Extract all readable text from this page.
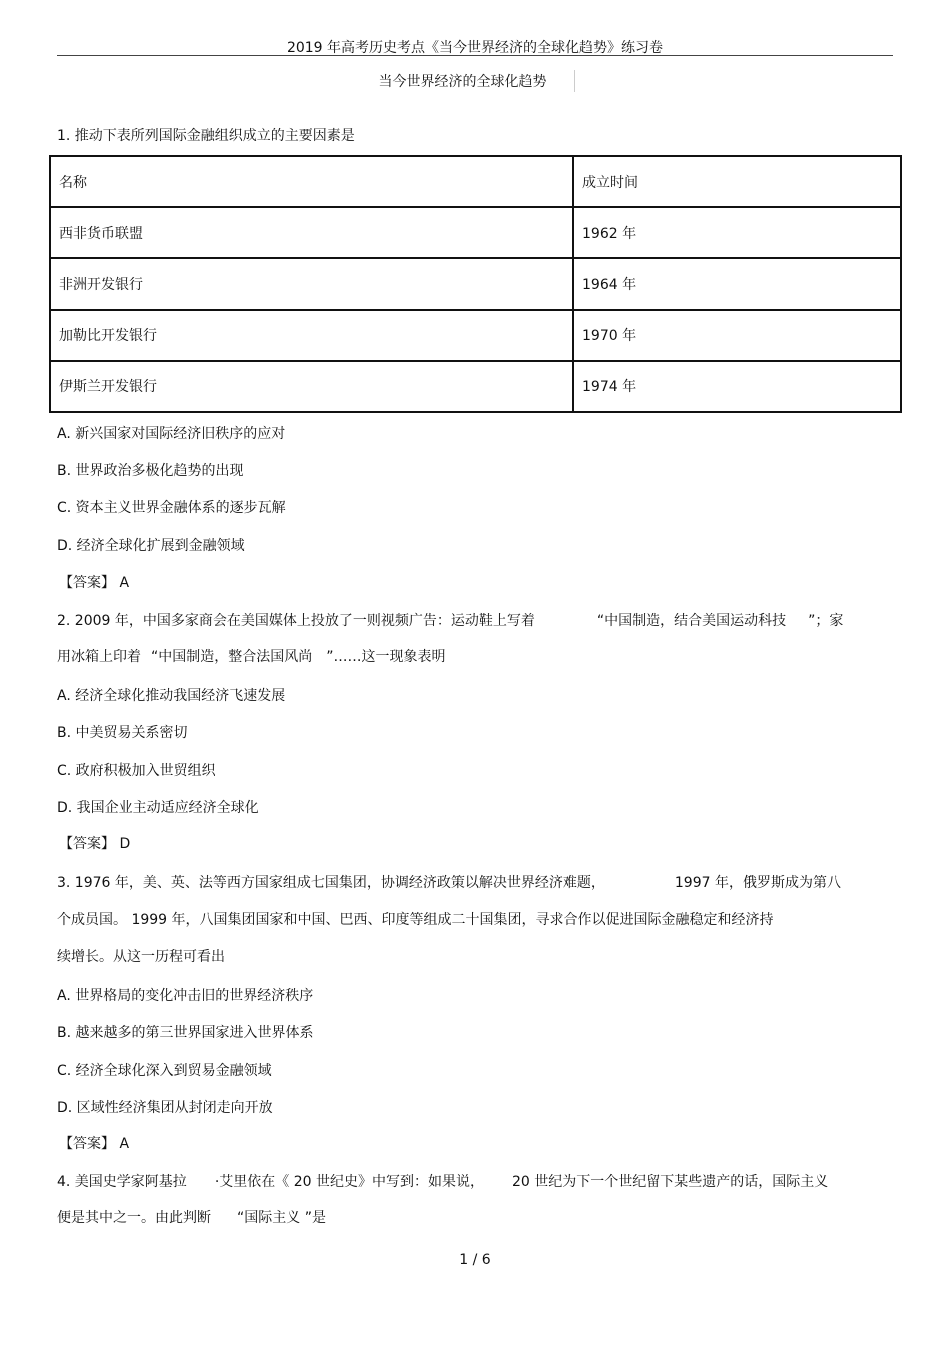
2019 年高考历史考点《当今世界经济的全球化趋势》练习卷
当今世界经济的全球化趋势
1. 推动下表所列国际金融组织成立的主要因素是
名称	成立时间
西非货币联盟	1962 年
非洲开发银行	1964 年
加勒比开发银行	1970 年
伊斯兰开发银行	1974 年
A. 新兴国家对国际经济旧秩序的应对
B. 世界政治多极化趋势的出现
C. 资本主义世界金融体系的逐步瓦解
D. 经济全球化扩展到金融领域
【答案】 A
2. 2009 年，中国多家商会在美国媒体上投放了一则视频广告：运动鞋上写着	“中国制造，结合美国运动科技 ”；家
用冰箱上印着 “中国制造，整合法国风尚 ”……这一现象表明
A. 经济全球化推动我国经济飞速发展
B. 中美贸易关系密切
C. 政府积极加入世贸组织
D. 我国企业主动适应经济全球化
【答案】 D
3. 1976 年，美、英、法等西方国家组成七国集团，协调经济政策以解决世界经济难题，	1997 年，俄罗斯成为第八
个成员国。 1999 年，八国集团国家和中国、巴西、印度等组成二十国集团，寻求合作以促进国际金融稳定和经济持
续增长。从这一历程可看出
A. 世界格局的变化冲击旧的世界经济秩序
B. 越来越多的第三世界国家进入世界体系
C. 经济全球化深入到贸易金融领域
D. 区域性经济集团从封闭走向开放
【答案】 A
4. 美国史学家阿基拉 ·艾里依在《 20 世纪史》中写到：如果说， 20 世纪为下一个世纪留下某些遗产的话，国际主义
便是其中之一。由此判断 “国际主义 ”是
1 / 6
